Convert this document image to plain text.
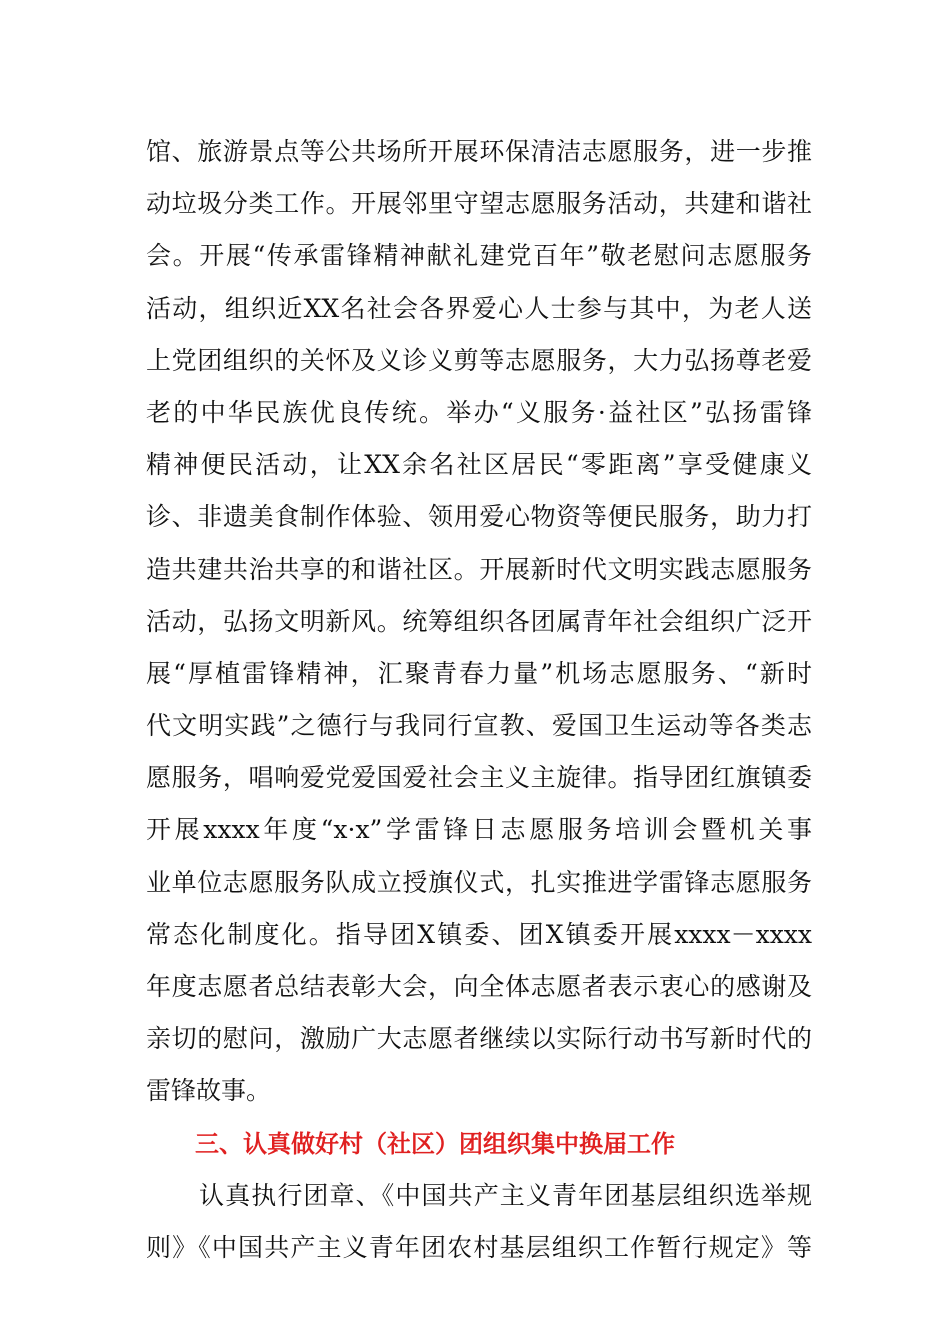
馆、旅游景点等公共场所开展环保清洁志愿服务，进一步推
动垃圾分类工作。开展邻里守望志愿服务活动，共建和谐社
会。开展“传承雷锋精神献礼建党百年”敬老慰问志愿服务
活动，组织近XX名社会各界爱心人士参与其中，为老人送
上党团组织的关怀及义诊义剪等志愿服务，大力弘扬尊老爱
老的中华民族优良传统。举办“义服务·益社区”弘扬雷锋
精神便民活动，让XX余名社区居民“零距离”享受健康义
诊、非遗美食制作体验、领用爱心物资等便民服务，助力打
造共建共治共享的和谐社区。开展新时代文明实践志愿服务
活动，弘扬文明新风。统筹组织各团属青年社会组织广泛开
展“厚植雷锋精神，汇聚青春力量”机场志愿服务、“新时
代文明实践”之德行与我同行宣教、爱国卫生运动等各类志
愿服务，唱响爱党爱国爱社会主义主旋律。指导团红旗镇委
开展xxxx年度“x·x”学雷锋日志愿服务培训会暨机关事
业单位志愿服务队成立授旗仪式，扎实推进学雷锋志愿服务
常态化制度化。指导团X镇委、团X镇委开展xxxx－xxxx
年度志愿者总结表彰大会，向全体志愿者表示衷心的感谢及
亲切的慰问，激励广大志愿者继续以实际行动书写新时代的
雷锋故事。
三、认真做好村（社区）团组织集中换届工作
认真执行团章、《中国共产主义青年团基层组织选举规
则》《中国共产主义青年团农村基层组织工作暂行规定》等
